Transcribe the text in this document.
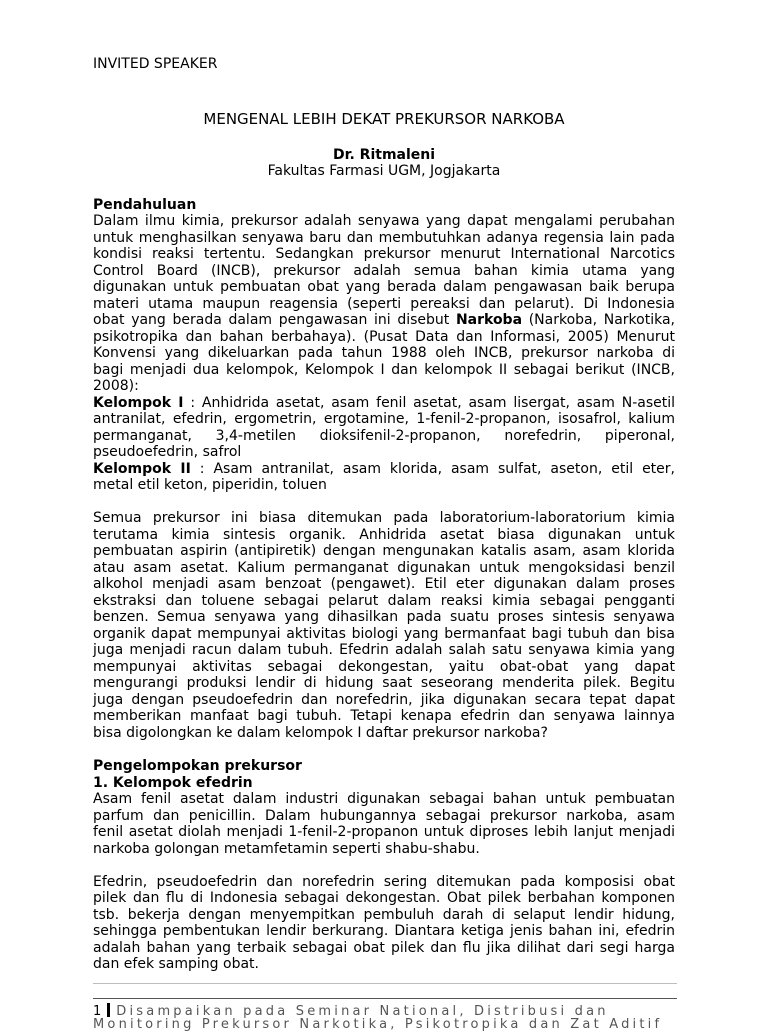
INVITED SPEAKER
MENGENAL LEBIH DEKAT PREKURSOR NARKOBA
Dr. Ritmaleni
Fakultas Farmasi UGM, Jogjakarta
Pendahuluan
Dalam ilmu kimia, prekursor adalah senyawa yang dapat mengalami perubahan
untuk menghasilkan senyawa baru dan membutuhkan adanya regensia lain pada
kondisi reaksi tertentu. Sedangkan prekursor menurut International Narcotics
Control Board (INCB), prekursor adalah semua bahan kimia utama yang
digunakan untuk pembuatan obat yang berada dalam pengawasan baik berupa
materi utama maupun reagensia (seperti pereaksi dan pelarut). Di Indonesia
obat yang berada dalam pengawasan ini disebut Narkoba (Narkoba, Narkotika,
psikotropika dan bahan berbahaya). (Pusat Data dan Informasi, 2005) Menurut
Konvensi yang dikeluarkan pada tahun 1988 oleh INCB, prekursor narkoba di
bagi menjadi dua kelompok, Kelompok I dan kelompok II sebagai berikut (INCB,
2008):
Kelompok I : Anhidrida asetat, asam fenil asetat, asam lisergat, asam N-asetil
antranilat, efedrin, ergometrin, ergotamine, 1-fenil-2-propanon, isosafrol, kalium
permanganat, 3,4-metilen dioksifenil-2-propanon, norefedrin, piperonal,
pseudoefedrin, safrol
Kelompok II : Asam antranilat, asam klorida, asam sulfat, aseton, etil eter,
metal etil keton, piperidin, toluen
Semua prekursor ini biasa ditemukan pada laboratorium-laboratorium kimia
terutama kimia sintesis organik. Anhidrida asetat biasa digunakan untuk
pembuatan aspirin (antipiretik) dengan mengunakan katalis asam, asam klorida
atau asam asetat. Kalium permanganat digunakan untuk mengoksidasi benzil
alkohol menjadi asam benzoat (pengawet). Etil eter digunakan dalam proses
ekstraksi dan toluene sebagai pelarut dalam reaksi kimia sebagai pengganti
benzen. Semua senyawa yang dihasilkan pada suatu proses sintesis senyawa
organik dapat mempunyai aktivitas biologi yang bermanfaat bagi tubuh dan bisa
juga menjadi racun dalam tubuh. Efedrin adalah salah satu senyawa kimia yang
mempunyai aktivitas sebagai dekongestan, yaitu obat-obat yang dapat
mengurangi produksi lendir di hidung saat seseorang menderita pilek. Begitu
juga dengan pseudoefedrin dan norefedrin, jika digunakan secara tepat dapat
memberikan manfaat bagi tubuh. Tetapi kenapa efedrin dan senyawa lainnya
bisa digolongkan ke dalam kelompok I daftar prekursor narkoba?
Pengelompokan prekursor
1. Kelompok efedrin
Asam fenil asetat dalam industri digunakan sebagai bahan untuk pembuatan
parfum dan penicillin. Dalam hubungannya sebagai prekursor narkoba, asam
fenil asetat diolah menjadi 1-fenil-2-propanon untuk diproses lebih lanjut menjadi
narkoba golongan metamfetamin seperti shabu-shabu.
Efedrin, pseudoefedrin dan norefedrin sering ditemukan pada komposisi obat
pilek dan flu di Indonesia sebagai dekongestan. Obat pilek berbahan komponen
tsb. bekerja dengan menyempitkan pembuluh darah di selaput lendir hidung,
sehingga pembentukan lendir berkurang. Diantara ketiga jenis bahan ini, efedrin
adalah bahan yang terbaik sebagai obat pilek dan flu jika dilihat dari segi harga
dan efek samping obat.
1 Disampaikan pada Seminar National, Distribusi dan
Monitoring Prekursor Narkotika, Psikotropika dan Zat Aditif
